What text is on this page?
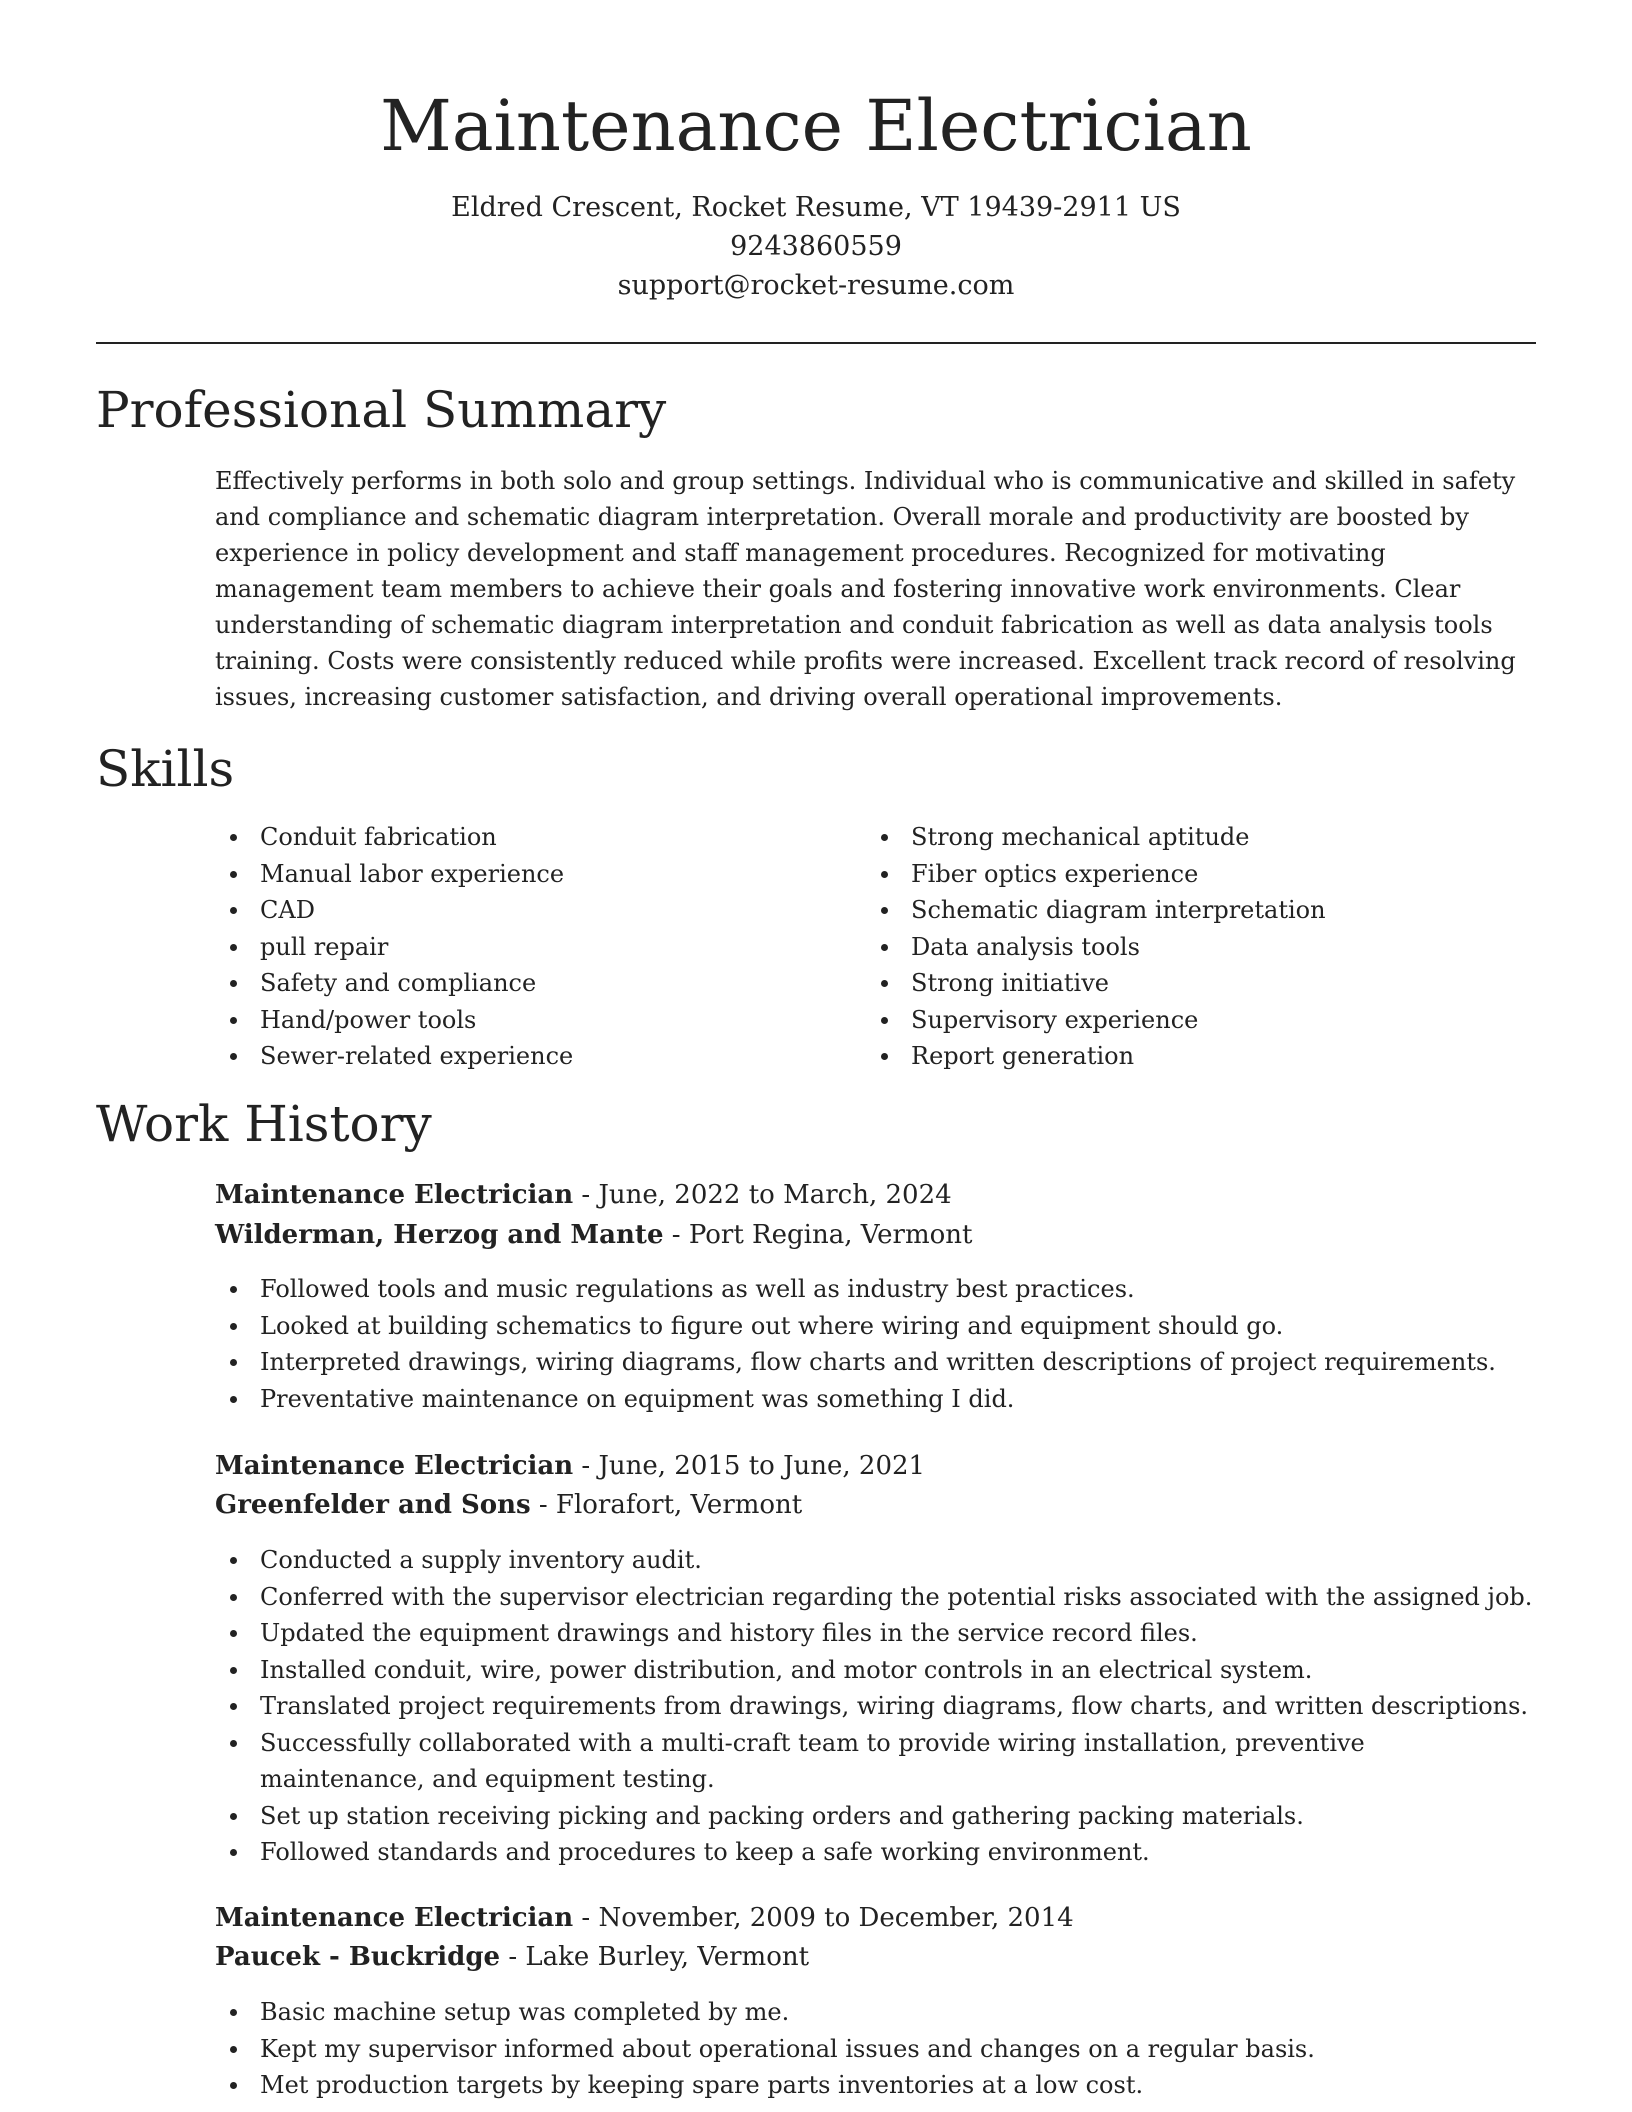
Maintenance Electrician
Eldred Crescent, Rocket Resume, VT 19439-2911 US
9243860559
support@rocket-resume.com
Professional Summary

Effectively performs in both solo and group settings. Individual who is communicative and skilled in safety and compliance and schematic diagram interpretation. Overall morale and productivity are boosted by experience in policy development and staff management procedures. Recognized for motivating management team members to achieve their goals and fostering innovative work environments. Clear understanding of schematic diagram interpretation and conduit fabrication as well as data analysis tools training. Costs were consistently reduced while profits were increased. Excellent track record of resolving issues, increasing customer satisfaction, and driving overall operational improvements.

Skills
Conduit fabrication
Manual labor experience
CAD
pull repair
Safety and compliance
Hand/power tools
Sewer-related experience
Strong mechanical aptitude
Fiber optics experience
Schematic diagram interpretation
Data analysis tools
Strong initiative
Supervisory experience
Report generation
Work History
Maintenance Electrician - June, 2022 to March, 2024
Wilderman, Herzog and Mante - Port Regina, Vermont
Followed tools and music regulations as well as industry best practices.
Looked at building schematics to figure out where wiring and equipment should go.
Interpreted drawings, wiring diagrams, flow charts and written descriptions of project requirements.
Preventative maintenance on equipment was something I did.
Maintenance Electrician - June, 2015 to June, 2021
Greenfelder and Sons - Florafort, Vermont
Conducted a supply inventory audit.
Conferred with the supervisor electrician regarding the potential risks associated with the assigned job.
Updated the equipment drawings and history files in the service record files.
Installed conduit, wire, power distribution, and motor controls in an electrical system.
Translated project requirements from drawings, wiring diagrams, flow charts, and written descriptions.
Successfully collaborated with a multi-craft team to provide wiring installation, preventive maintenance, and equipment testing.
Set up station receiving picking and packing orders and gathering packing materials.
Followed standards and procedures to keep a safe working environment.
Maintenance Electrician - November, 2009 to December, 2014
Paucek - Buckridge - Lake Burley, Vermont
Basic machine setup was completed by me.
Kept my supervisor informed about operational issues and changes on a regular basis.
Met production targets by keeping spare parts inventories at a low cost.
